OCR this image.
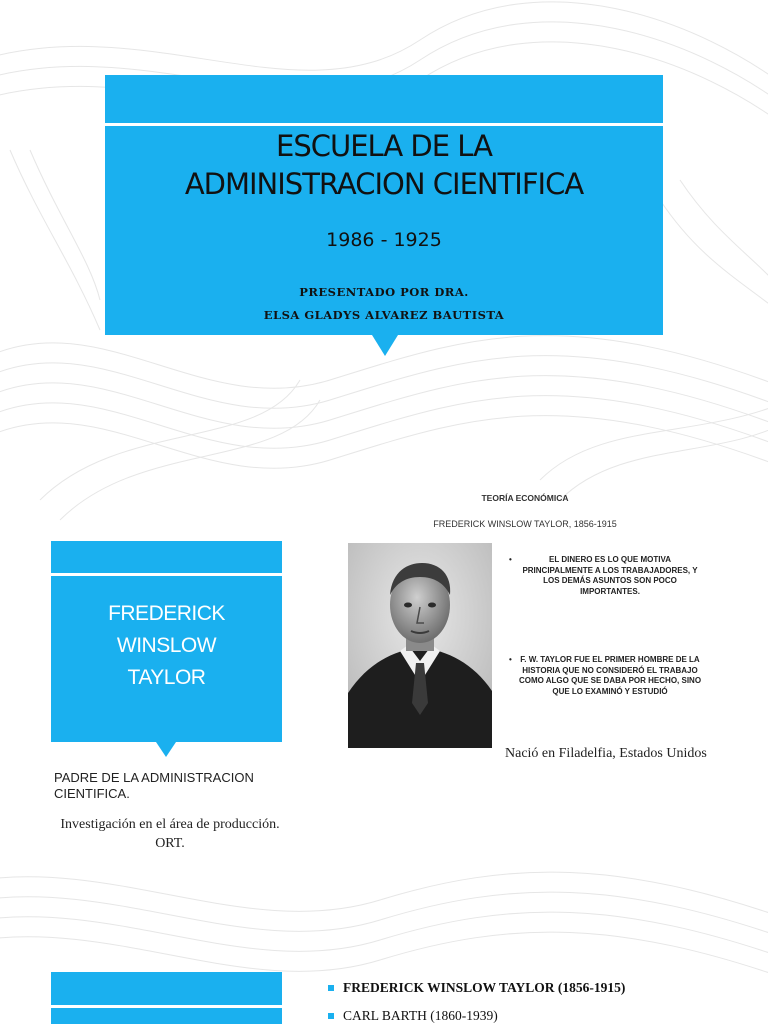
ESCUELA DE LA
ADMINISTRACION CIENTIFICA
1986 - 1925
PRESENTADO POR DRA.
ELSA GLADYS ALVAREZ BAUTISTA
FREDERICK
WINSLOW
TAYLOR
PADRE DE LA ADMINISTRACION CIENTIFICA.
Investigación en el área de producción. ORT.
TEORÍA ECONÓMICA
FREDERICK WINSLOW TAYLOR, 1856-1915
•	EL DINERO ES LO QUE MOTIVA PRINCIPALMENTE A LOS TRABAJADORES, Y LOS DEMÁS ASUNTOS SON POCO IMPORTANTES.
• F. W. TAYLOR FUE EL PRIMER HOMBRE DE LA HISTORIA QUE NO CONSIDERÓ EL TRABAJO COMO ALGO QUE SE DABA POR HECHO, SINO QUE LO EXAMINÓ Y ESTUDIÓ
Nació en Filadelfia, Estados Unidos
FREDERICK WINSLOW TAYLOR (1856-1915)
CARL BARTH (1860-1939)
